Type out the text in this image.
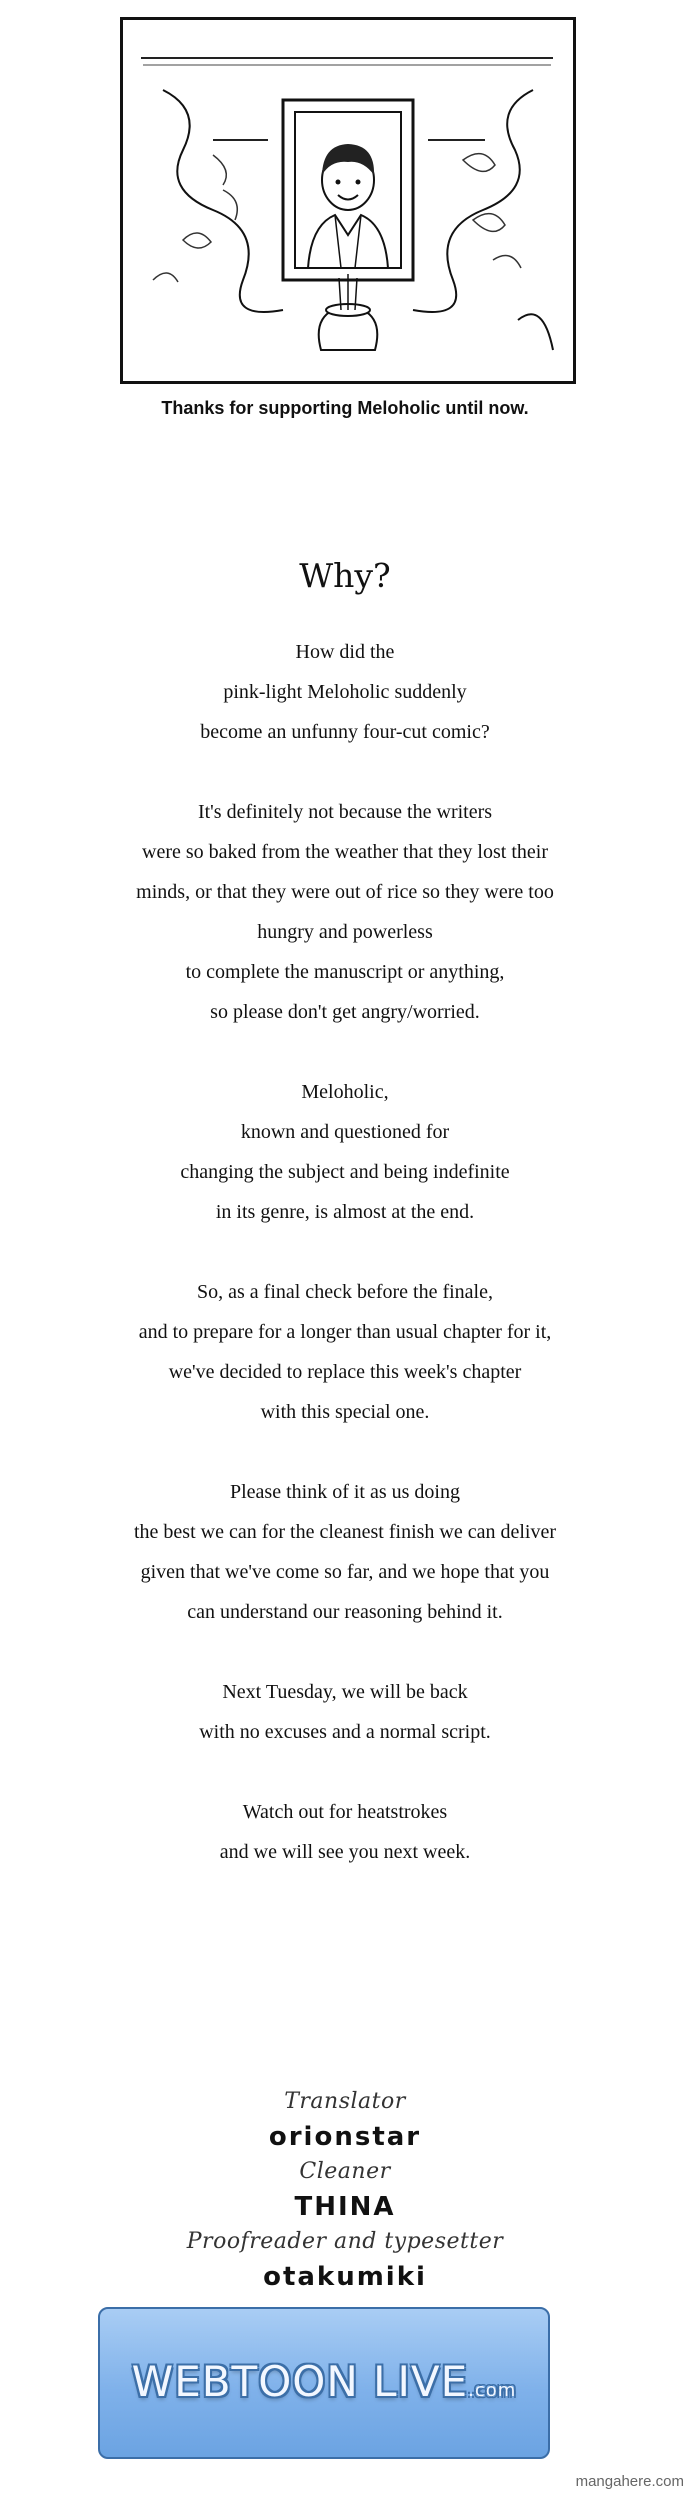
Thanks for supporting Meloholic until now.
Why?
How did the
pink-light Meloholic suddenly
become an unfunny four-cut comic?
It's definitely not because the writers
were so baked from the weather that they lost their
minds, or that they were out of rice so they were too
hungry and powerless
to complete the manuscript or anything,
so please don't get angry/worried.
Meloholic,
known and questioned for
changing the subject and being indefinite
in its genre, is almost at the end.
So, as a final check before the finale,
and to prepare for a longer than usual chapter for it,
we've decided to replace this week's chapter
with this special one.
Please think of it as us doing
the best we can for the cleanest finish we can deliver
given that we've come so far, and we hope that you
can understand our reasoning behind it.
Next Tuesday, we will be back
with no excuses and a normal script.
Watch out for heatstrokes
and we will see you next week.
Translator
orionstar
Cleaner
THINA
Proofreader and typesetter
otakumiki
WEBTOON LIVE.com
mangahere.com
